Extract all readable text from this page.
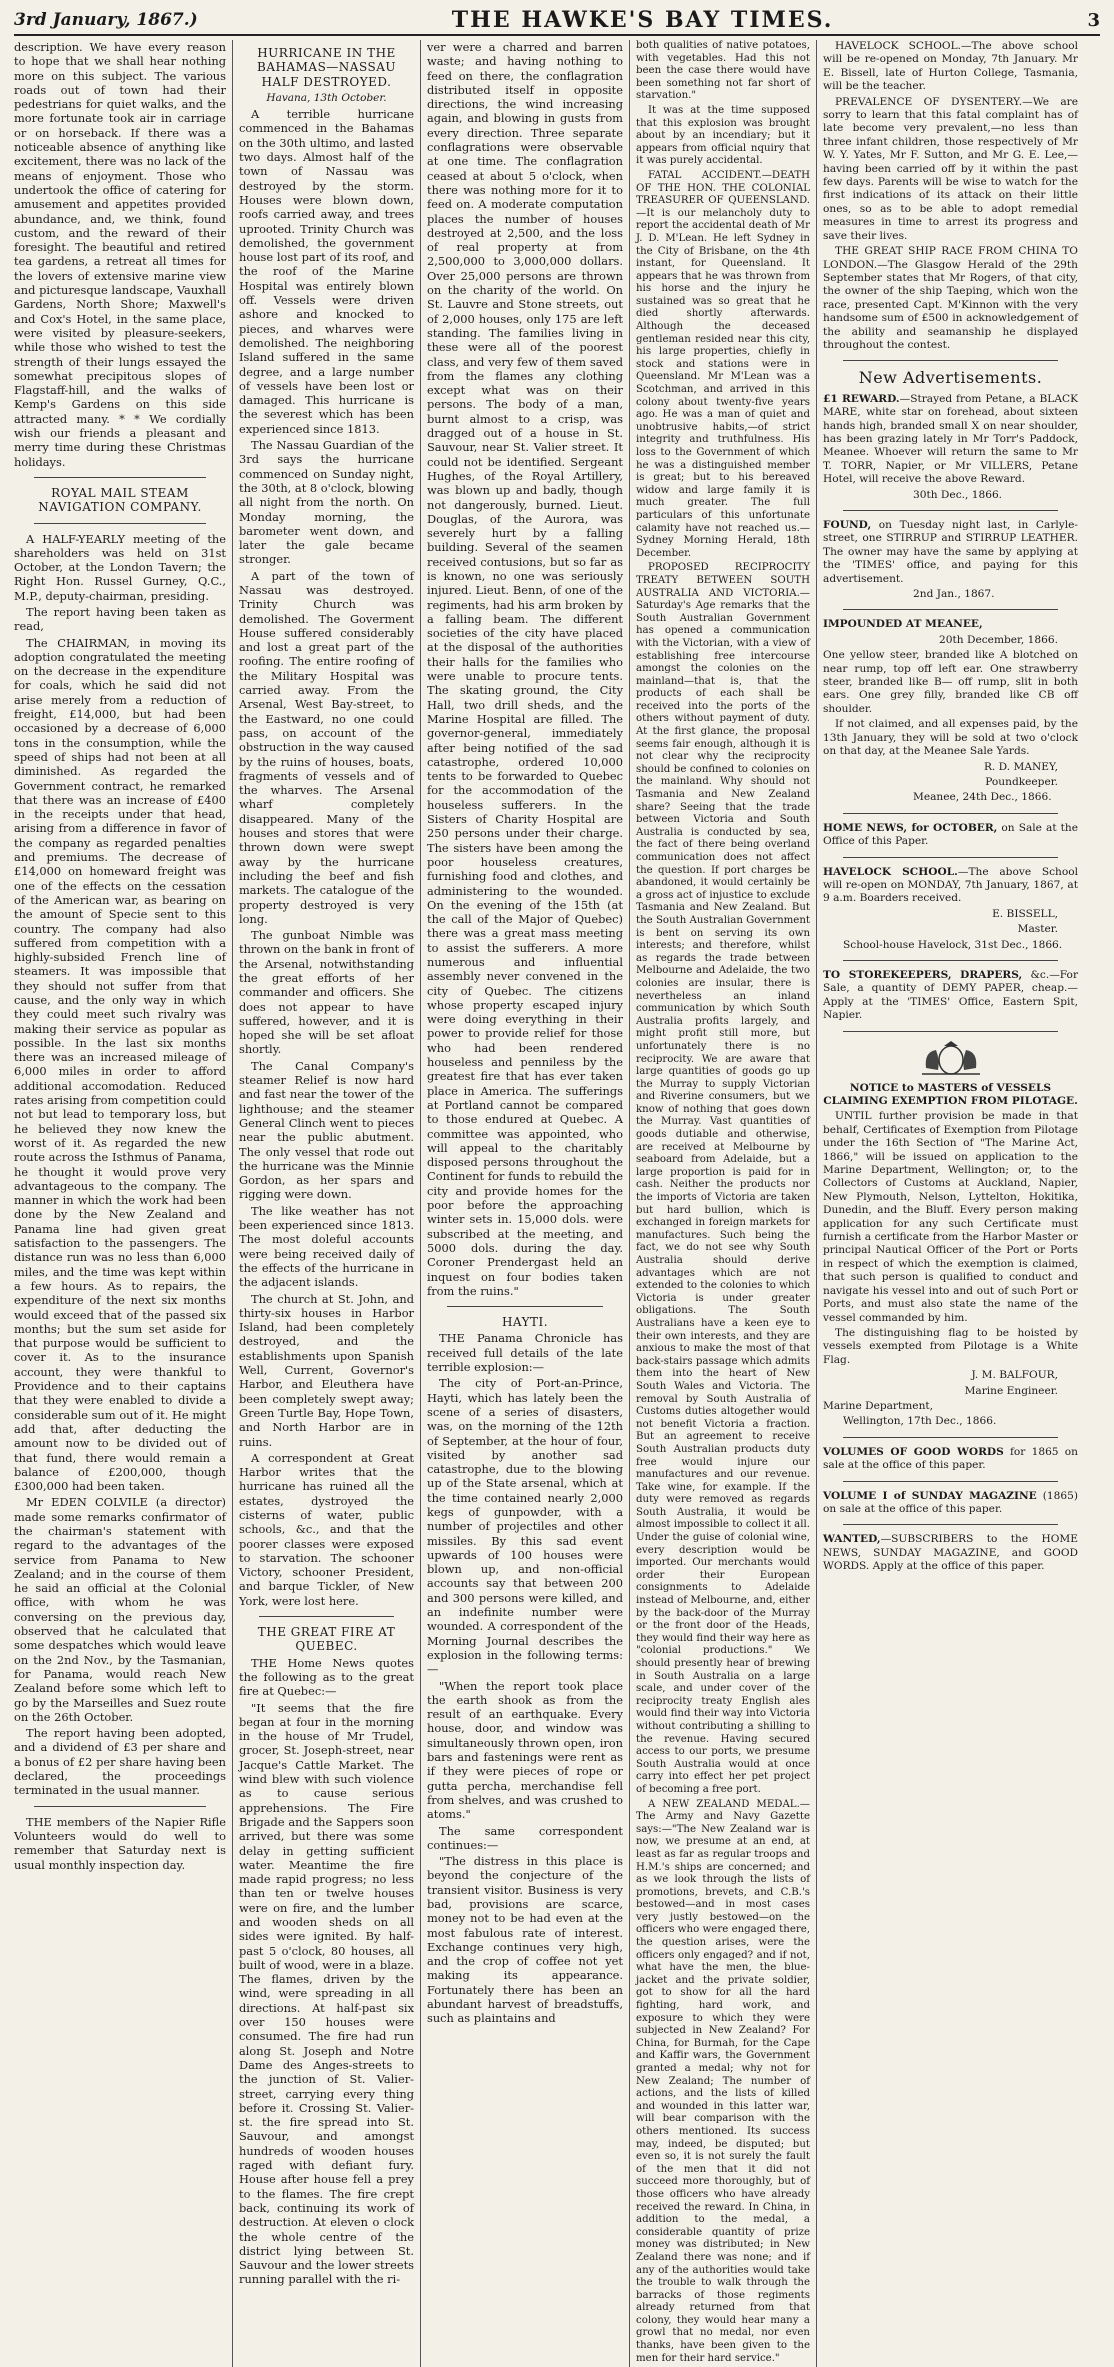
3rd January, 1867.)	THE HAWKE'S BAY TIMES.	3

description. We have every reason to hope that we shall hear nothing more on this subject. The various roads out of town had their pedestrians for quiet walks, and the more fortunate took air in carriage or on horseback. If there was a noticeable absence of anything like excitement, there was no lack of the means of enjoyment. Those who undertook the office of catering for amusement and appetites provided abundance, and, we think, found custom, and the reward of their foresight. The beautiful and retired tea gardens, a retreat all times for the lovers of extensive marine view and picturesque landscape, Vauxhall Gardens, North Shore; Maxwell's and Cox's Hotel, in the same place, were visited by pleasure-seekers, while those who wished to test the strength of their lungs essayed the somewhat precipitous slopes of Flagstaff-hill, and the walks of Kemp's Gardens on this side attracted many. * * We cordially wish our friends a pleasant and merry time during these Christmas holidays.

ROYAL MAIL STEAM NAVIGATION COMPANY.

A HALF-YEARLY meeting of the shareholders was held on 31st October, at the London Tavern; the Right Hon. Russel Gurney, Q.C., M.P., deputy-chairman, presiding.

The report having been taken as read,

The CHAIRMAN, in moving its adoption congratulated the meeting on the decrease in the expenditure for coals, which he said did not arise merely from a reduction of freight, £14,000, but had been occasioned by a decrease of 6,000 tons in the consumption, while the speed of ships had not been at all diminished. As regarded the Government contract, he remarked that there was an increase of £400 in the receipts under that head, arising from a difference in favor of the company as regarded penalties and premiums. The decrease of £14,000 on homeward freight was one of the effects on the cessation of the American war, as bearing on the amount of Specie sent to this country. The company had also suffered from competition with a highly-subsided French line of steamers. It was impossible that they should not suffer from that cause, and the only way in which they could meet such rivalry was making their service as popular as possible. In the last six months there was an increased mileage of 6,000 miles in order to afford additional accomodation. Reduced rates arising from competition could not but lead to temporary loss, but he believed they now knew the worst of it. As regarded the new route across the Isthmus of Panama, he thought it would prove very advantageous to the company. The manner in which the work had been done by the New Zealand and Panama line had given great satisfaction to the passengers. The distance run was no less than 6,000 miles, and the time was kept within a few hours. As to repairs, the expenditure of the next six months would exceed that of the passed six months; but the sum set aside for that purpose would be sufficient to cover it. As to the insurance account, they were thankful to Providence and to their captains that they were enabled to divide a considerable sum out of it. He might add that, after deducting the amount now to be divided out of that fund, there would remain a balance of £200,000, though £300,000 had been taken.

Mr EDEN COLVILE (a director) made some remarks confirmator of the chairman's statement with regard to the advantages of the service from Panama to New Zealand; and in the course of them he said an official at the Colonial office, with whom he was conversing on the previous day, observed that he calculated that some despatches which would leave on the 2nd Nov., by the Tasmanian, for Panama, would reach New Zealand before some which left to go by the Marseilles and Suez route on the 26th October.

The report having been adopted, and a dividend of £3 per share and a bonus of £2 per share having been declared, the proceedings terminated in the usual manner.

THE members of the Napier Rifle Volunteers would do well to remember that Saturday next is usual monthly inspection day.

HURRICANE IN THE BAHAMAS—NASSAU HALF DESTROYED.
Havana, 13th October.

A terrible hurricane commenced in the Bahamas on the 30th ultimo, and lasted two days. Almost half of the town of Nassau was destroyed by the storm. Houses were blown down, roofs carried away, and trees uprooted. Trinity Church was demolished, the government house lost part of its roof, and the roof of the Marine Hospital was entirely blown off. Vessels were driven ashore and knocked to pieces, and wharves were demolished. The neighboring Island suffered in the same degree, and a large number of vessels have been lost or damaged. This hurricane is the severest which has been experienced since 1813.

The Nassau Guardian of the 3rd says the hurricane commenced on Sunday night, the 30th, at 8 o'clock, blowing all night from the north. On Monday morning, the barometer went down, and later the gale became stronger.

A part of the town of Nassau was destroyed. Trinity Church was demolished. The Goverment House suffered considerably and lost a great part of the roofing. The entire roofing of the Military Hospital was carried away. From the Arsenal, West Bay-street, to the Eastward, no one could pass, on account of the obstruction in the way caused by the ruins of houses, boats, fragments of vessels and of the wharves. The Arsenal wharf completely disappeared. Many of the houses and stores that were thrown down were swept away by the hurricane including the beef and fish markets. The catalogue of the property destroyed is very long.

The gunboat Nimble was thrown on the bank in front of the Arsenal, notwithstanding the great efforts of her commander and officers. She does not appear to have suffered, however, and it is hoped she will be set afloat shortly.

The Canal Company's steamer Relief is now hard and fast near the tower of the lighthouse; and the steamer General Clinch went to pieces near the public abutment. The only vessel that rode out the hurricane was the Minnie Gordon, as her spars and rigging were down.

The like weather has not been experienced since 1813. The most doleful accounts were being received daily of the effects of the hurricane in the adjacent islands.

The church at St. John, and thirty-six houses in Harbor Island, had been completely destroyed, and the establishments upon Spanish Well, Current, Governor's Harbor, and Eleuthera have been completely swept away; Green Turtle Bay, Hope Town, and North Harbor are in ruins.

A correspondent at Great Harbor writes that the hurricane has ruined all the estates, dystroyed the cisterns of water, public schools, &c., and that the poorer classes were exposed to starvation. The schooner Victory, schooner President, and barque Tickler, of New York, were lost here.

THE GREAT FIRE AT QUEBEC.

THE Home News quotes the following as to the great fire at Quebec:—

"It seems that the fire began at four in the morning in the house of Mr Trudel, grocer, St. Joseph-street, near Jacque's Cattle Market. The wind blew with such violence as to cause serious apprehensions. The Fire Brigade and the Sappers soon arrived, but there was some delay in getting sufficient water. Meantime the fire made rapid progress; no less than ten or twelve houses were on fire, and the lumber and wooden sheds on all sides were ignited. By half-past 5 o'clock, 80 houses, all built of wood, were in a blaze. The flames, driven by the wind, were spreading in all directions. At half-past six over 150 houses were consumed. The fire had run along St. Joseph and Notre Dame des Anges-streets to the junction of St. Valier-street, carrying every thing before it. Crossing St. Valier-st. the fire spread into St. Sauvour, and amongst hundreds of wooden houses raged with defiant fury. House after house fell a prey to the flames. The fire crept back, continuing its work of destruction. At eleven o clock the whole centre of the district lying between St. Sauvour and the lower streets running parallel with the ri-

ver were a charred and barren waste; and having nothing to feed on there, the conflagration distributed itself in opposite directions, the wind increasing again, and blowing in gusts from every direction. Three separate conflagrations were observable at one time. The conflagration ceased at about 5 o'clock, when there was nothing more for it to feed on. A moderate computation places the number of houses destroyed at 2,500, and the loss of real property at from 2,500,000 to 3,000,000 dollars. Over 25,000 persons are thrown on the charity of the world. On St. Lauvre and Stone streets, out of 2,000 houses, only 175 are left standing. The families living in these were all of the poorest class, and very few of them saved from the flames any clothing except what was on their persons. The body of a man, burnt almost to a crisp, was dragged out of a house in St. Sauvour, near St. Valier street. It could not be identified. Sergeant Hughes, of the Royal Artillery, was blown up and badly, though not dangerously, burned. Lieut. Douglas, of the Aurora, was severely hurt by a falling building. Several of the seamen received contusions, but so far as is known, no one was seriously injured. Lieut. Benn, of one of the regiments, had his arm broken by a falling beam. The different societies of the city have placed at the disposal of the authorities their halls for the families who were unable to procure tents. The skating ground, the City Hall, two drill sheds, and the Marine Hospital are filled. The governor-general, immediately after being notified of the sad catastrophe, ordered 10,000 tents to be forwarded to Quebec for the accommodation of the houseless sufferers. In the Sisters of Charity Hospital are 250 persons under their charge. The sisters have been among the poor houseless creatures, furnishing food and clothes, and administering to the wounded. On the evening of the 15th (at the call of the Major of Quebec) there was a great mass meeting to assist the sufferers. A more numerous and influential assembly never convened in the city of Quebec. The citizens whose property escaped injury were doing everything in their power to provide relief for those who had been rendered houseless and penniless by the greatest fire that has ever taken place in America. The sufferings at Portland cannot be compared to those endured at Quebec. A committee was appointed, who will appeal to the charitably disposed persons throughout the Continent for funds to rebuild the city and provide homes for the poor before the approaching winter sets in. 15,000 dols. were subscribed at the meeting, and 5000 dols. during the day. Coroner Prendergast held an inquest on four bodies taken from the ruins."

HAYTI.

THE Panama Chronicle has received full details of the late terrible explosion:—

The city of Port-an-Prince, Hayti, which has lately been the scene of a series of disasters, was, on the morning of the 12th of September, at the hour of four, visited by another sad catastrophe, due to the blowing up of the State arsenal, which at the time contained nearly 2,000 kegs of gunpowder, with a number of projectiles and other missiles. By this sad event upwards of 100 houses were blown up, and non-official accounts say that between 200 and 300 persons were killed, and an indefinite number were wounded. A correspondent of the Morning Journal describes the explosion in the following terms:—

"When the report took place the earth shook as from the result of an earthquake. Every house, door, and window was simultaneously thrown open, iron bars and fastenings were rent as if they were pieces of rope or gutta percha, merchandise fell from shelves, and was crushed to atoms."

The same correspondent continues:—

"The distress in this place is beyond the conjecture of the transient visitor. Business is very bad, provisions are scarce, money not to be had even at the most fabulous rate of interest. Exchange continues very high, and the crop of coffee not yet making its appearance. Fortunately there has been an abundant harvest of breadstuffs, such as plaintains and

both qualities of native potatoes, with vegetables. Had this not been the case there would have been something not far short of starvation."

It was at the time supposed that this explosion was brought about by an incendiary; but it appears from official nquiry that it was purely accidental.

FATAL ACCIDENT.—DEATH OF THE HON. THE COLONIAL TREASURER OF QUEENSLAND.—It is our melancholy duty to report the accidental death of Mr J. D. M'Lean. He left Sydney in the City of Brisbane, on the 4th instant, for Queensland. It appears that he was thrown from his horse and the injury he sustained was so great that he died shortly afterwards. Although the deceased gentleman resided near this city, his large properties, chiefly in stock and stations were in Queensland. Mr M'Lean was a Scotchman, and arrived in this colony about twenty-five years ago. He was a man of quiet and unobtrusive habits,—of strict integrity and truthfulness. His loss to the Government of which he was a distinguished member is great; but to his bereaved widow and large family it is much greater. The full particulars of this unfortunate calamity have not reached us.—Sydney Morning Herald, 18th December.

PROPOSED RECIPROCITY TREATY BETWEEN SOUTH AUSTRALIA AND VICTORIA.—Saturday's Age remarks that the South Australian Government has opened a communication with the Victorian, with a view of establishing free intercourse amongst the colonies on the mainland—that is, that the products of each shall be received into the ports of the others without payment of duty. At the first glance, the proposal seems fair enough, although it is not clear why the reciprocity should be confined to colonies on the mainland. Why should not Tasmania and New Zealand share? Seeing that the trade between Victoria and South Australia is conducted by sea, the fact of there being overland communication does not affect the question. If port charges be abandoned, it would certainly be a gross act of injustice to exclude Tasmania and New Zealand. But the South Australian Government is bent on serving its own interests; and therefore, whilst as regards the trade between Melbourne and Adelaide, the two colonies are insular, there is nevertheless an inland communication by which South Australia profits largely, and might profit still more, but unfortunately there is no reciprocity. We are aware that large quantities of goods go up the Murray to supply Victorian and Riverine consumers, but we know of nothing that goes down the Murray. Vast quantities of goods dutiable and otherwise, are received at Melbourne by seaboard from Adelaide, but a large proportion is paid for in cash. Neither the products nor the imports of Victoria are taken but hard bullion, which is exchanged in foreign markets for manufactures. Such being the fact, we do not see why South Australia should derive advantages which are not extended to the colonies to which Victoria is under greater obligations. The South Australians have a keen eye to their own interests, and they are anxious to make the most of that back-stairs passage which admits them into the heart of New South Wales and Victoria. The removal by South Australia of Customs duties altogether would not benefit Victoria a fraction. But an agreement to receive South Australian products duty free would injure our manufactures and our revenue. Take wine, for example. If the duty were removed as regards South Australia, it would be almost impossible to collect it all. Under the guise of colonial wine, every description would be imported. Our merchants would order their European consignments to Adelaide instead of Melbourne, and, either by the back-door of the Murray or the front door of the Heads, they would find their way here as "colonial productions." We should presently hear of brewing in South Australia on a large scale, and under cover of the reciprocity treaty English ales would find their way into Victoria without contributing a shilling to the revenue. Having secured access to our ports, we presume South Australia would at once carry into effect her pet project of becoming a free port.

A NEW ZEALAND MEDAL.—The Army and Navy Gazette says:—"The New Zealand war is now, we presume at an end, at least as far as regular troops and H.M.'s ships are concerned; and as we look through the lists of promotions, brevets, and C.B.'s bestowed—and in most cases very justly bestowed—on the officers who were engaged there, the question arises, were the officers only engaged? and if not, what have the men, the blue-jacket and the private soldier, got to show for all the hard fighting, hard work, and exposure to which they were subjected in New Zealand? For China, for Burmah, for the Cape and Kaffir wars, the Government granted a medal; why not for New Zealand; The number of actions, and the lists of killed and wounded in this latter war, will bear comparison with the others mentioned. Its success may, indeed, be disputed; but even so, it is not surely the fault of the men that it did not succeed more thoroughly, but of those officers who have already received the reward. In China, in addition to the medal, a considerable quantity of prize money was distributed; in New Zealand there was none; and if any of the authorities would take the trouble to walk through the barracks of those regiments already returned from that colony, they would hear many a growl that no medal, nor even thanks, have been given to the men for their hard service."

HAVELOCK SCHOOL.—The above school will be re-opened on Monday, 7th January. Mr E. Bissell, late of Hurton College, Tasmania, will be the teacher.

PREVALENCE OF DYSENTERY.—We are sorry to learn that this fatal complaint has of late become very prevalent,—no less than three infant children, those respectively of Mr W. Y. Yates, Mr F. Sutton, and Mr G. E. Lee,—having been carried off by it within the past few days. Parents will be wise to watch for the first indications of its attack on their little ones, so as to be able to adopt remedial measures in time to arrest its progress and save their lives.

THE GREAT SHIP RACE FROM CHINA TO LONDON.—The Glasgow Herald of the 29th September states that Mr Rogers, of that city, the owner of the ship Taeping, which won the race, presented Capt. M'Kinnon with the very handsome sum of £500 in acknowledgement of the ability and seamanship he displayed throughout the contest.

New Advertisements.

£1 REWARD.—Strayed from Petane, a BLACK MARE, white star on forehead, about sixteen hands high, branded small X on near shoulder, has been grazing lately in Mr Torr's Paddock, Meanee. Whoever will return the same to Mr T. TORR, Napier, or Mr VILLERS, Petane Hotel, will receive the above Reward.

30th Dec., 1866.

FOUND, on Tuesday night last, in Carlyle-street, one STIRRUP and STIRRUP LEATHER. The owner may have the same by applying at the 'TIMES' office, and paying for this advertisement.

2nd Jan., 1867.

IMPOUNDED AT MEANEE,

20th December, 1866.

One yellow steer, branded like A blotched on near rump, top off left ear. One strawberry steer, branded like B— off rump, slit in both ears. One grey filly, branded like CB off shoulder.

If not claimed, and all expenses paid, by the 13th January, they will be sold at two o'clock on that day, at the Meanee Sale Yards.

R. D. MANEY,
Poundkeeper.
Meanee, 24th Dec., 1866.

HOME NEWS, for OCTOBER, on Sale at the Office of this Paper.

HAVELOCK SCHOOL.—The above School will re-open on MONDAY, 7th January, 1867, at 9 a.m. Boarders received.

E. BISSELL,
Master.
School-house Havelock, 31st Dec., 1866.

TO STOREKEEPERS, DRAPERS, &c.—For Sale, a quantity of DEMY PAPER, cheap.—Apply at the 'TIMES' Office, Eastern Spit, Napier.

NOTICE to MASTERS of VESSELS CLAIMING EXEMPTION FROM PILOTAGE.

UNTIL further provision be made in that behalf, Certificates of Exemption from Pilotage under the 16th Section of "The Marine Act, 1866," will be issued on application to the Marine Department, Wellington; or, to the Collectors of Customs at Auckland, Napier, New Plymouth, Nelson, Lyttelton, Hokitika, Dunedin, and the Bluff. Every person making application for any such Certificate must furnish a certificate from the Harbor Master or principal Nautical Officer of the Port or Ports in respect of which the exemption is claimed, that such person is qualified to conduct and navigate his vessel into and out of such Port or Ports, and must also state the name of the vessel commanded by him.

The distinguishing flag to be hoisted by vessels exempted from Pilotage is a White Flag.

J. M. BALFOUR,
Marine Engineer.
Marine Department,
Wellington, 17th Dec., 1866.

VOLUMES OF GOOD WORDS for 1865 on sale at the office of this paper.

VOLUME I of SUNDAY MAGAZINE (1865) on sale at the office of this paper.

WANTED,—SUBSCRIBERS to the HOME NEWS, SUNDAY MAGAZINE, and GOOD WORDS. Apply at the office of this paper.
